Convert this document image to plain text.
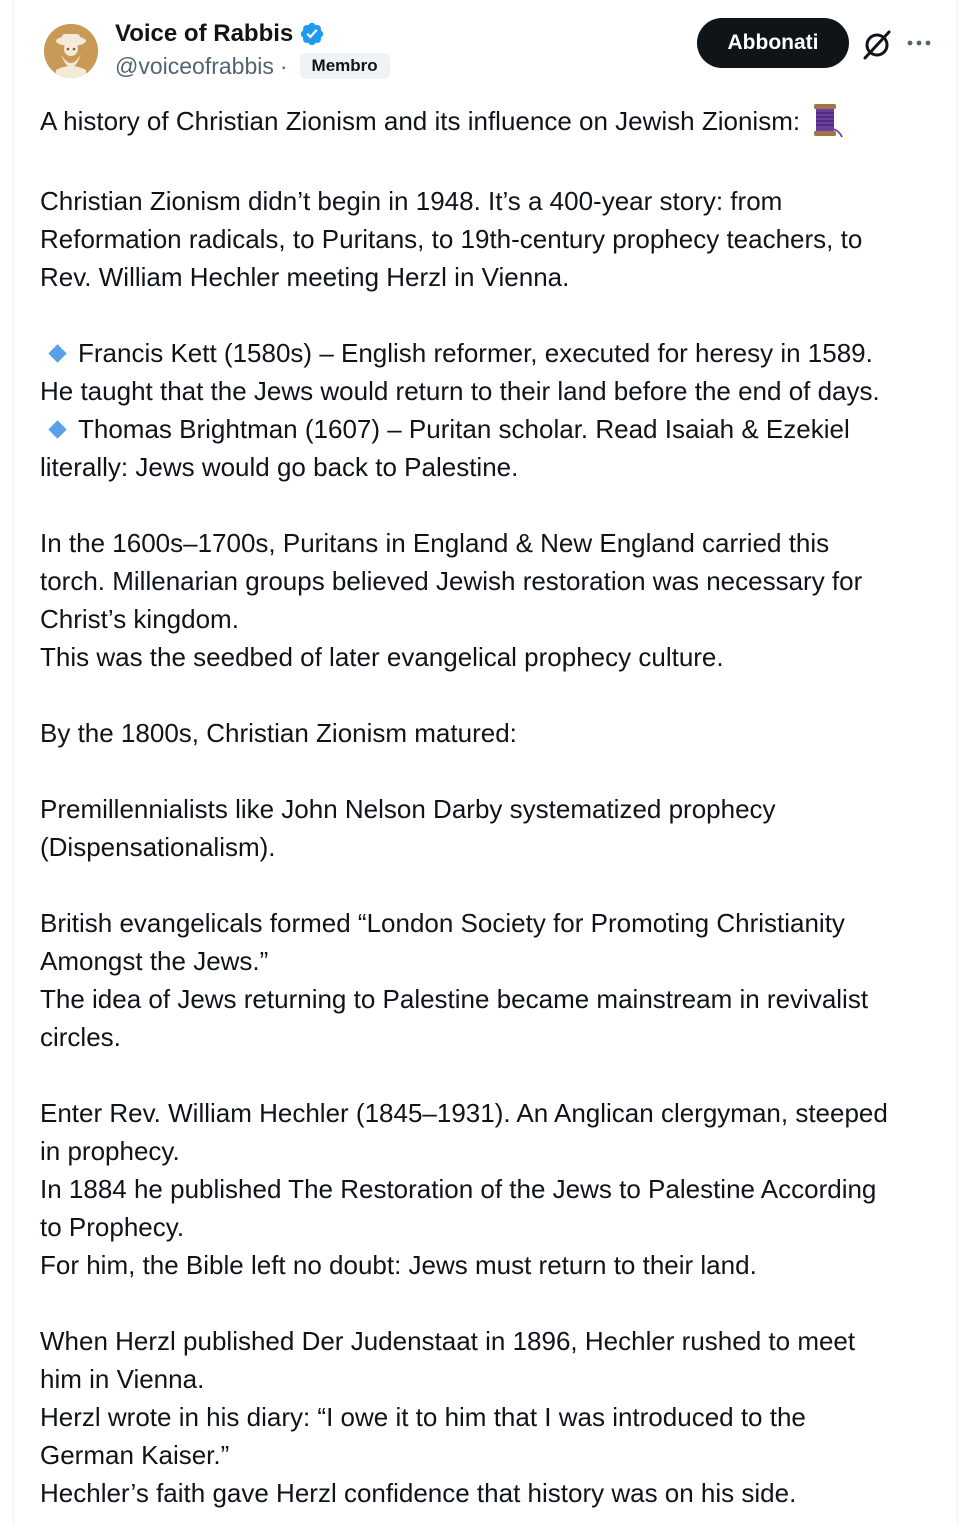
Voice of Rabbis
@voiceofrabbis ·	Membro
Abbonati

A history of Christian Zionism and its influence on Jewish Zionism:

Christian Zionism didn’t begin in 1948. It’s a 400-year story: from

Reformation radicals, to Puritans, to 19th-century prophecy teachers, to

Rev. William Hechler meeting Herzl in Vienna.

Francis Kett (1580s) – English reformer, executed for heresy in 1589.

He taught that the Jews would return to their land before the end of days.

Thomas Brightman (1607) – Puritan scholar. Read Isaiah & Ezekiel

literally: Jews would go back to Palestine.

In the 1600s–1700s, Puritans in England & New England carried this

torch. Millenarian groups believed Jewish restoration was necessary for

Christ’s kingdom.

This was the seedbed of later evangelical prophecy culture.

By the 1800s, Christian Zionism matured:

Premillennialists like John Nelson Darby systematized prophecy

(Dispensationalism).

British evangelicals formed “London Society for Promoting Christianity

Amongst the Jews.”

The idea of Jews returning to Palestine became mainstream in revivalist

circles.

Enter Rev. William Hechler (1845–1931). An Anglican clergyman, steeped

in prophecy.

In 1884 he published The Restoration of the Jews to Palestine According

to Prophecy.

For him, the Bible left no doubt: Jews must return to their land.

When Herzl published Der Judenstaat in 1896, Hechler rushed to meet

him in Vienna.

Herzl wrote in his diary: “I owe it to him that I was introduced to the

German Kaiser.”

Hechler’s faith gave Herzl confidence that history was on his side.
